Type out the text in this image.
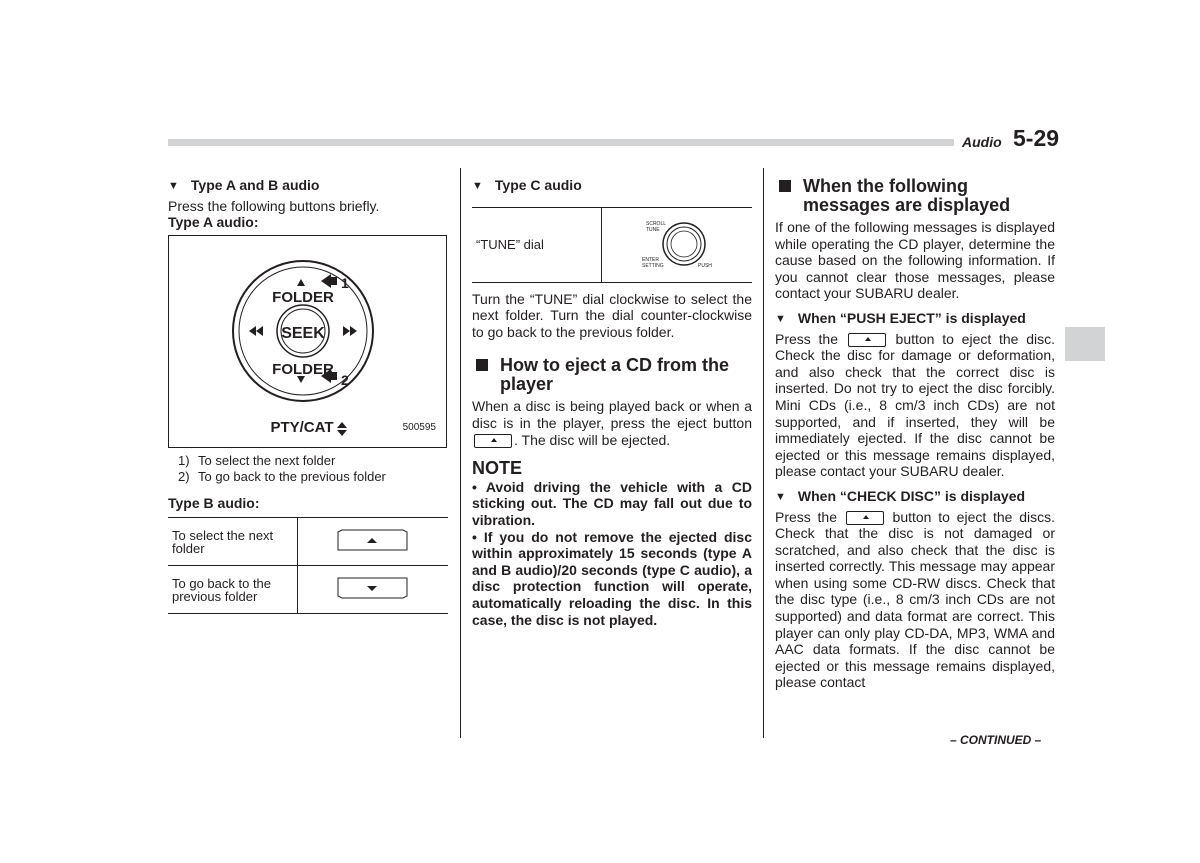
Audio 5-29
▼ Type A and B audio

Press the following buttons briefly.

Type A audio:

FOLDER
SEEK
FOLDER
PTY/CAT
1
2
500595
1) To select the next folder
2) To go back to the previous folder

Type B audio:

To select the next folder	
To go back to the previous folder	
▼ Type C audio
“TUNE” dial	
SCROLL
TUNE
ENTER
SETTING	PUSH

Turn the “TUNE” dial clockwise to select the next folder. Turn the dial counter-clockwise to go back to the previous folder.

How to eject a CD from the player

When a disc is being played back or when a disc is in the player, press the eject button . The disc will be ejected.

NOTE

• Avoid driving the vehicle with a CD sticking out. The CD may fall out due to vibration.

• If you do not remove the ejected disc within approximately 15 seconds (type A and B audio)/20 seconds (type C audio), a disc protection function will operate, automatically reloading the disc. In this case, the disc is not played.

When the following messages are displayed

If one of the following messages is displayed while operating the CD player, determine the cause based on the following information. If you cannot clear those messages, please contact your SUBARU dealer.

▼ When “PUSH EJECT” is displayed

Press the	button to eject the disc. Check the disc for damage or deformation, and also check that the correct disc is inserted. Do not try to eject the disc forcibly. Mini CDs (i.e., 8 cm/3 inch CDs) are not supported, and if inserted, they will be immediately ejected. If the disc cannot be ejected or this message remains displayed, please contact your SUBARU dealer.

▼ When “CHECK DISC” is displayed

Press the	button to eject the discs. Check that the disc is not damaged or scratched, and also check that the disc is inserted correctly. This message may appear when using some CD-RW discs. Check that the disc type (i.e., 8 cm/3 inch CDs are not supported) and data format are correct. This player can only play CD-DA, MP3, WMA and AAC data formats. If the disc cannot be ejected or this message remains displayed, please contact

– CONTINUED –
